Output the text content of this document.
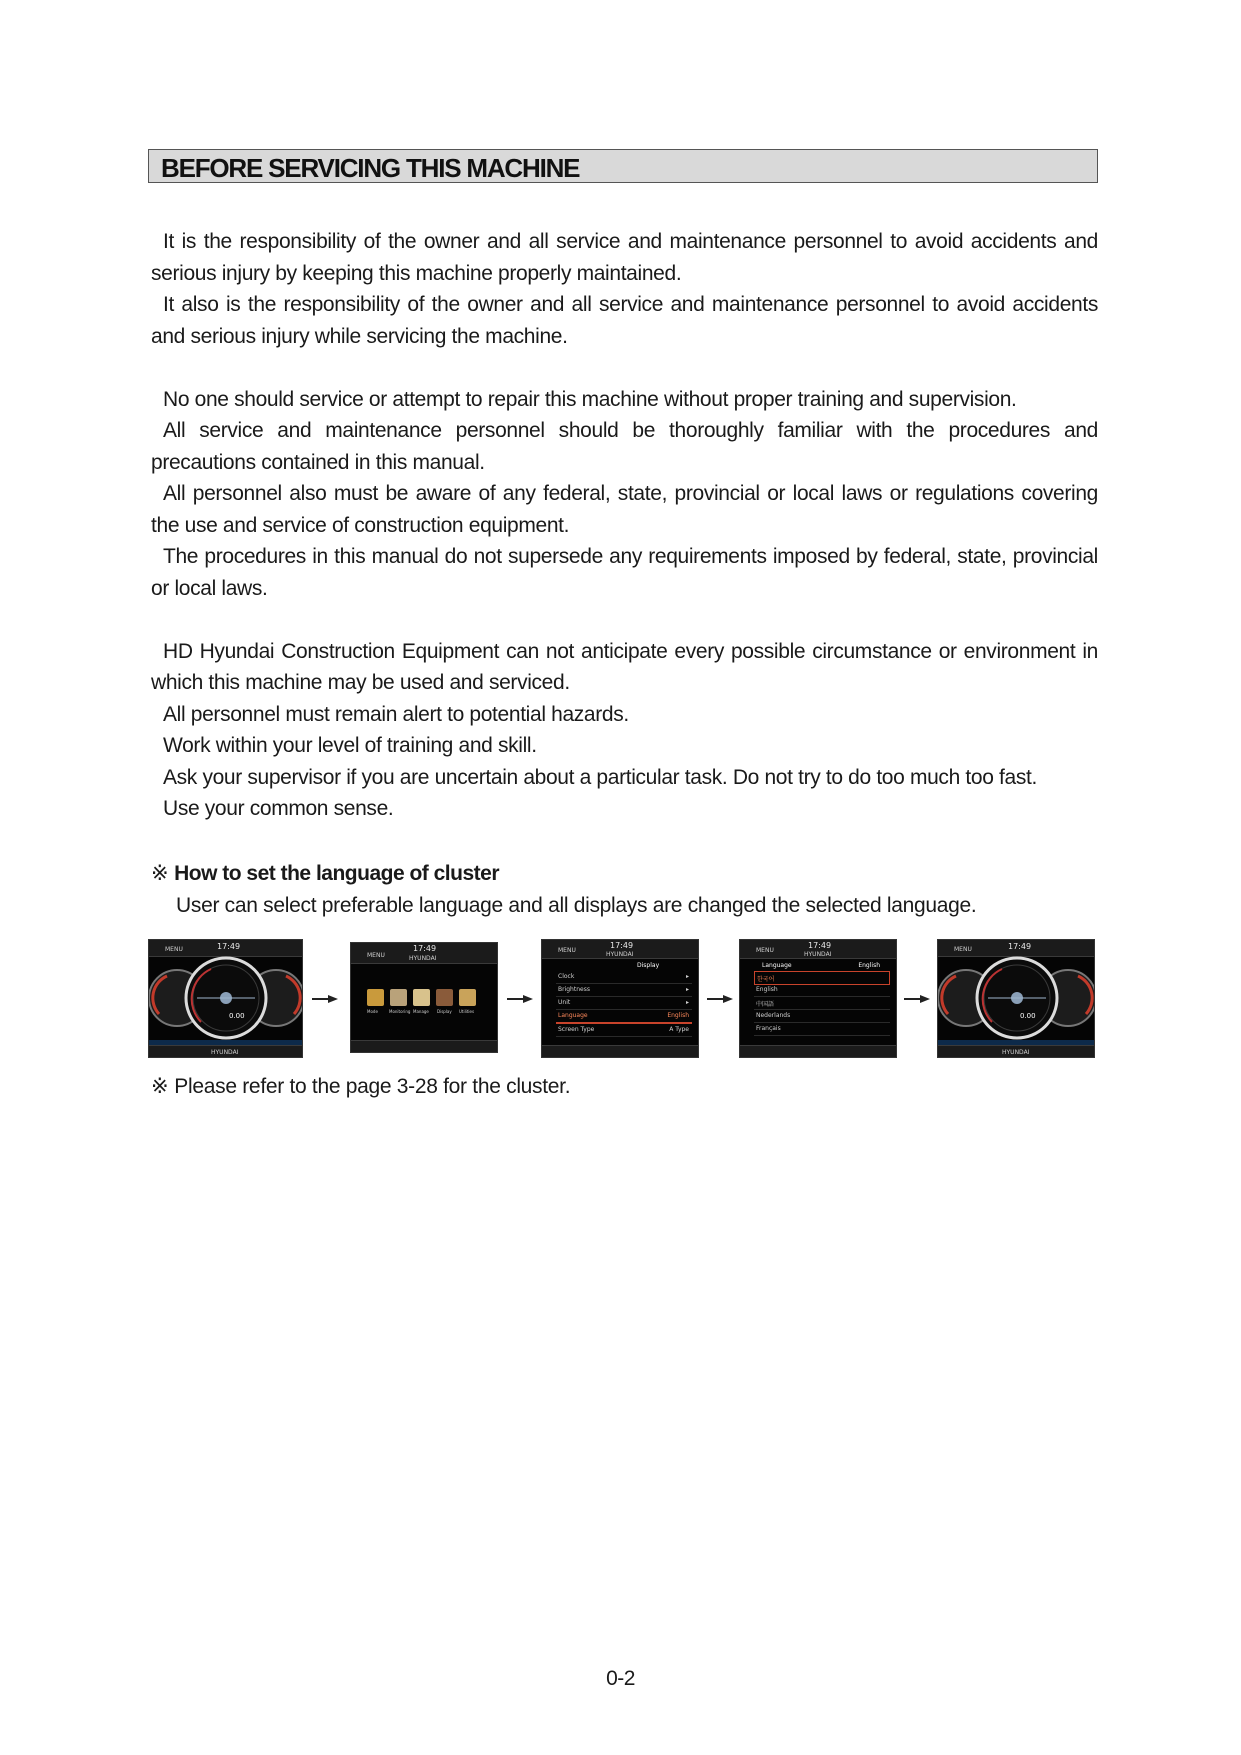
BEFORE SERVICING THIS MACHINE

It is the responsibility of the owner and all service and maintenance personnel to avoid accidents and serious injury by keeping this machine properly maintained.

It also is the responsibility of the owner and all service and maintenance personnel to avoid accidents and serious injury while servicing the machine.

No one should service or attempt to repair this machine without proper training and supervision.

All service and maintenance personnel should be thoroughly familiar with the procedures and precautions contained in this manual.

All personnel also must be aware of any federal, state, provincial or local laws or regulations covering the use and service of construction equipment.

The procedures in this manual do not supersede any requirements imposed by federal, state, provincial or local laws.

HD Hyundai Construction Equipment can not anticipate every possible circumstance or environment in which this machine may be used and serviced.

All personnel must remain alert to potential hazards.

Work within your level of training and skill.

Ask your supervisor if you are uncertain about a particular task. Do not try to do too much too fast.

Use your common sense.

※ How to set the language of cluster
User can select preferable language and all displays are changed the selected language.
MENU	17:49
0.00
HYUNDAI
MENU	HYUNDAI
17:49
Mode	Monitoring Manage Display Utilities
MENU
HYUNDAI
17:49
Display
Clock	▸
Brightness	▸
Unit	▸
Language	English
Screen Type	A Type
MENU
HYUNDAI
17:49
Language	English
한국어
English
中国語
Nederlands
Français
MENU	17:49
0.00
HYUNDAI
※ Please refer to the page 3-28 for the cluster.
0-2
